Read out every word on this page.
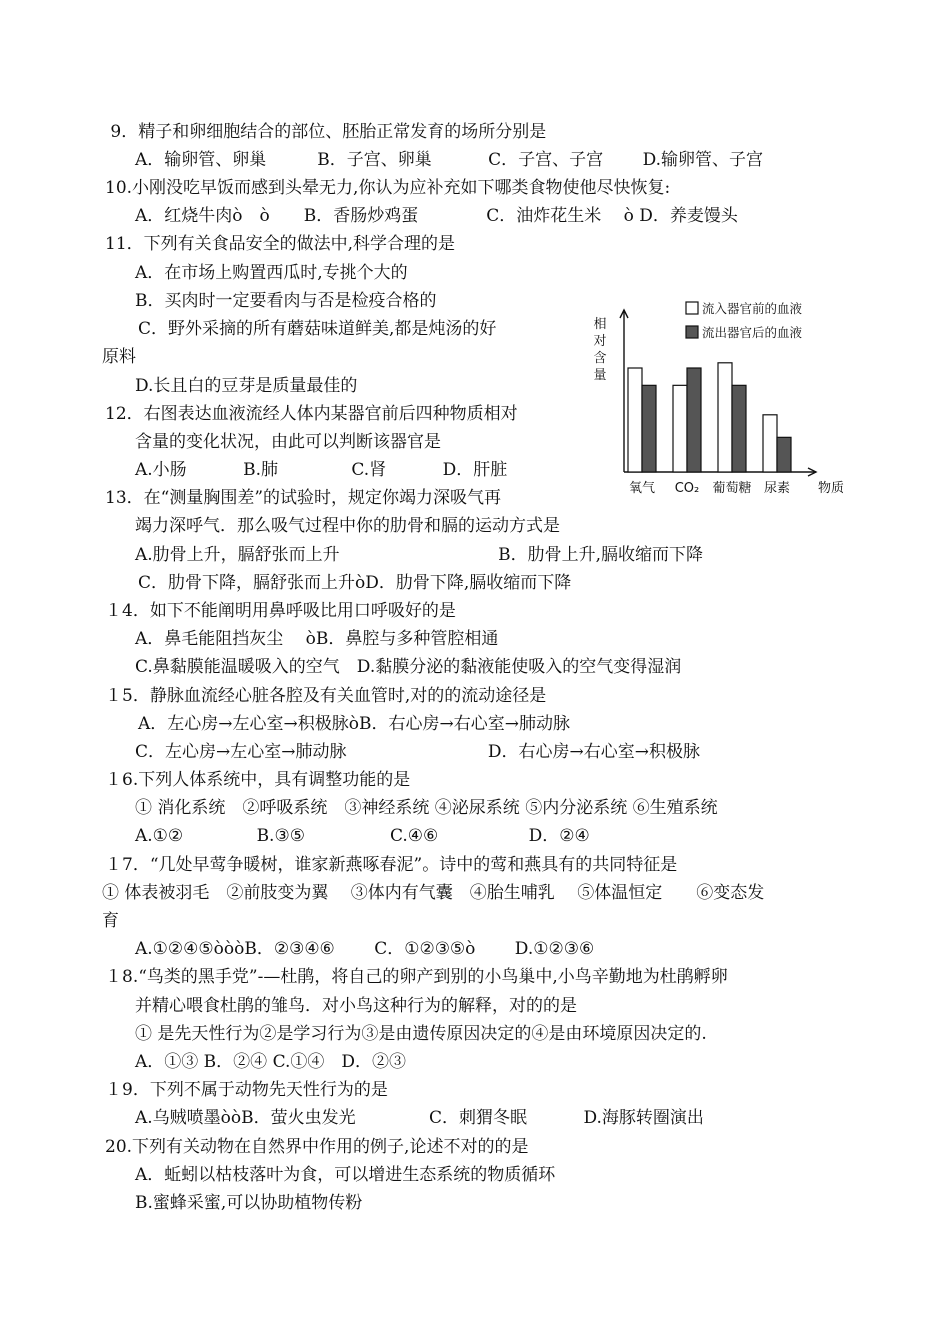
9．精子和卵细胞结合的部位、胚胎正常发育的场所分别是
A．输卵管、卵巢　　　B．子宫、卵巢　　　 C．子宫、子宫　　 D.输卵管、子宫
10.小刚没吃早饭而感到头晕无力,你认为应补充如下哪类食物使他尽快恢复:
A．红烧牛肉ò　ò　　B．香肠炒鸡蛋　　　　C．油炸花生米　 ò D．养麦馒头
11．下列有关食品安全的做法中,科学合理的是
A．在市场上购置西瓜时,专挑个大的
B．买肉时一定要看肉与否是检疫合格的
C．野外采摘的所有蘑菇味道鲜美,都是炖汤的好
原料
D.长且白的豆芽是质量最佳的
12．右图表达血液流经人体内某器官前后四种物质相对
含量的变化状况，由此可以判断该器官是
A.小肠　　　 B.肺　　　　 C.肾　　　 D．肝脏
13．在“测量胸围差”的试验时，规定你竭力深吸气再
竭力深呼气．那么吸气过程中你的肋骨和膈的运动方式是
A.肋骨上升，膈舒张而上升　　　　　　　　　 B．肋骨上升,膈收缩而下降
C．肋骨下降，膈舒张而上升òD．肋骨下降,膈收缩而下降
１4．如下不能阐明用鼻呼吸比用口呼吸好的是
A．鼻毛能阻挡灰尘　 òB．鼻腔与多种管腔相通
C.鼻黏膜能温暖吸入的空气　D.黏膜分泌的黏液能使吸入的空气变得湿润
１5．静脉血流经心脏各腔及有关血管时,对的的流动途径是
A．左心房→左心室→积极脉òB．右心房→右心室→肺动脉
C．左心房→左心室→肺动脉　　　　　　　　 D．右心房→右心室→积极脉
１6.下列人体系统中，具有调整功能的是
① 消化系统　②呼吸系统　③神经系统 ④泌尿系统 ⑤内分泌系统 ⑥生殖系统
A.①②　　　　 B.③⑤　　　　　C.④⑥　　　　　 D．②④
１7．“几处早莺争暖树，谁家新燕啄春泥”。诗中的莺和燕具有的共同特征是
① 体表被羽毛　②前肢变为翼　 ③体内有气囊　④胎生哺乳　 ⑤体温恒定　　⑥变态发
育
A.①②④⑤òòòB．②③④⑥　　 C．①②③⑤ò　　 D.①②③⑥
１8.“鸟类的黑手党”-—杜鹃，将自己的卵产到别的小鸟巢中,小鸟辛勤地为杜鹃孵卵
并精心喂食杜鹃的雏鸟．对小鸟这种行为的解释，对的的是
① 是先天性行为②是学习行为③是由遗传原因决定的④是由环境原因决定的.
A．①③ B．②④ C.①④　D．②③
１9．下列不属于动物先天性行为的是
A.乌贼喷墨òòB．萤火虫发光　　　　 C．刺猬冬眠　　　 D.海豚转圈演出
20.下列有关动物在自然界中作用的例子,论述不对的的是
A．蚯蚓以枯枝落叶为食，可以增进生态系统的物质循环
B.蜜蜂采蜜,可以协助植物传粉
氧气 CO₂ 葡萄糖 尿素
流入器官前的血液
流出器官后的血液
相
对
含
量
物质
